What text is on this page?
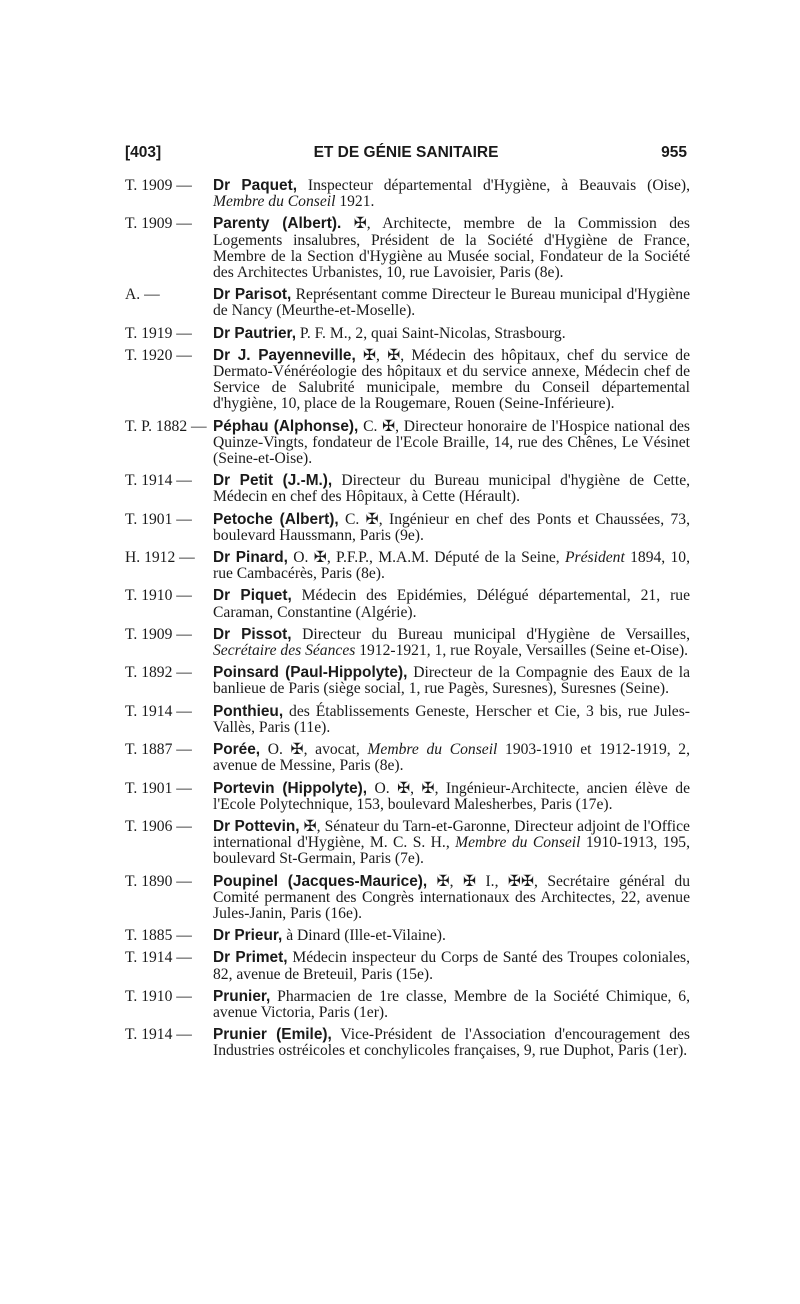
[403]	ET DE GÉNIE SANITAIRE	955
T. 1909 —	Dr Paquet, Inspecteur départemental d'Hygiène, à Beauvais (Oise), Membre du Conseil 1921.
T. 1909 —	Parenty (Albert). ✠, Architecte, membre de la Commission des Logements insalubres, Président de la Société d'Hygiène de France, Membre de la Section d'Hygiène au Musée social, Fondateur de la Société des Architectes Urbanistes, 10, rue Lavoisier, Paris (8e).
A. —	Dr Parisot, Représentant comme Directeur le Bureau municipal d'Hygiène de Nancy (Meurthe-et-Moselle).
T. 1919 —	Dr Pautrier, P. F. M., 2, quai Saint-Nicolas, Strasbourg.
T. 1920 —	Dr J. Payenneville, ✠, ✠, Médecin des hôpitaux, chef du service de Dermato-Vénéréologie des hôpitaux et du service annexe, Médecin chef de Service de Salubrité municipale, membre du Conseil départemental d'hygiène, 10, place de la Rougemare, Rouen (Seine-Inférieure).
T. P. 1882 — Péphau (Alphonse), C. ✠, Directeur honoraire de l'Hospice national des Quinze-Vingts, fondateur de l'Ecole Braille, 14, rue des Chênes, Le Vésinet (Seine-et-Oise).
T. 1914 —	Dr Petit (J.-M.), Directeur du Bureau municipal d'hygiène de Cette, Médecin en chef des Hôpitaux, à Cette (Hérault).
T. 1901 —	Petoche (Albert), C. ✠, Ingénieur en chef des Ponts et Chaussées, 73, boulevard Haussmann, Paris (9e).
H. 1912 —	Dr Pinard, O. ✠, P.F.P., M.A.M. Député de la Seine, Président 1894, 10, rue Cambacérès, Paris (8e).
T. 1910 —	Dr Piquet, Médecin des Epidémies, Délégué départemental, 21, rue Caraman, Constantine (Algérie).
T. 1909 —	Dr Pissot, Directeur du Bureau municipal d'Hygiène de Versailles, Secrétaire des Séances 1912-1921, 1, rue Royale, Versailles (Seine et-Oise).
T. 1892 —	Poinsard (Paul-Hippolyte), Directeur de la Compagnie des Eaux de la banlieue de Paris (siège social, 1, rue Pagès, Suresnes), Suresnes (Seine).
T. 1914 —	Ponthieu, des Établissements Geneste, Herscher et Cie, 3 bis, rue Jules-Vallès, Paris (11e).
T. 1887 —	Porée, O. ✠, avocat, Membre du Conseil 1903-1910 et 1912-1919, 2, avenue de Messine, Paris (8e).
T. 1901 —	Portevin (Hippolyte), O. ✠, ✠, Ingénieur-Architecte, ancien élève de l'Ecole Polytechnique, 153, boulevard Malesherbes, Paris (17e).
T. 1906 —	Dr Pottevin, ✠, Sénateur du Tarn-et-Garonne, Directeur adjoint de l'Office international d'Hygiène, M. C. S. H., Membre du Conseil 1910-1913, 195, boulevard St-Germain, Paris (7e).
T. 1890 —	Poupinel (Jacques-Maurice), ✠, ✠ I., ✠✠, Secrétaire général du Comité permanent des Congrès internationaux des Architectes, 22, avenue Jules-Janin, Paris (16e).
T. 1885 —	Dr Prieur, à Dinard (Ille-et-Vilaine).
T. 1914 —	Dr Primet, Médecin inspecteur du Corps de Santé des Troupes coloniales, 82, avenue de Breteuil, Paris (15e).
T. 1910 —	Prunier, Pharmacien de 1re classe, Membre de la Société Chimique, 6, avenue Victoria, Paris (1er).
T. 1914 —	Prunier (Emile), Vice-Président de l'Association d'encouragement des Industries ostréicoles et conchylicoles françaises, 9, rue Duphot, Paris (1er).
